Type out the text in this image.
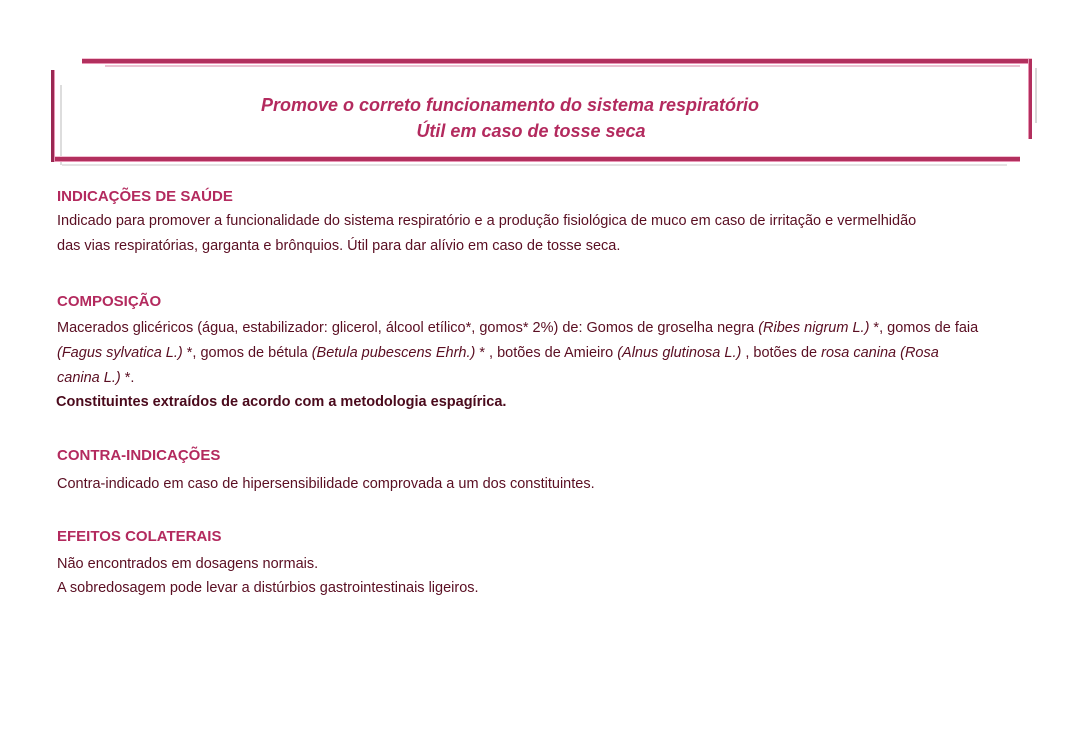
Promove o correto funcionamento do sistema respiratório
Útil em caso de tosse seca
INDICAÇÕES DE SAÚDE

Indicado para promover a funcionalidade do sistema respiratório e a produção fisiológica de muco em caso de irritação e vermelhidão
das vias respiratórias, garganta e brônquios. Útil para dar alívio em caso de tosse seca.

COMPOSIÇÃO

Macerados glicéricos (água, estabilizador: glicerol, álcool etílico*, gomos* 2%) de: Gomos de groselha negra (Ribes nigrum L.) *, gomos de faia
(Fagus sylvatica L.) *, gomos de bétula (Betula pubescens Ehrh.) * , botões de Amieiro (Alnus glutinosa L.) , botões de rosa canina (Rosa
canina L.) *.

Constituintes extraídos de acordo com a metodologia espagírica.
CONTRA-INDICAÇÕES

Contra-indicado em caso de hipersensibilidade comprovada a um dos constituintes.

EFEITOS COLATERAIS

Não encontrados em dosagens normais.
A sobredosagem pode levar a distúrbios gastrointestinais ligeiros.
